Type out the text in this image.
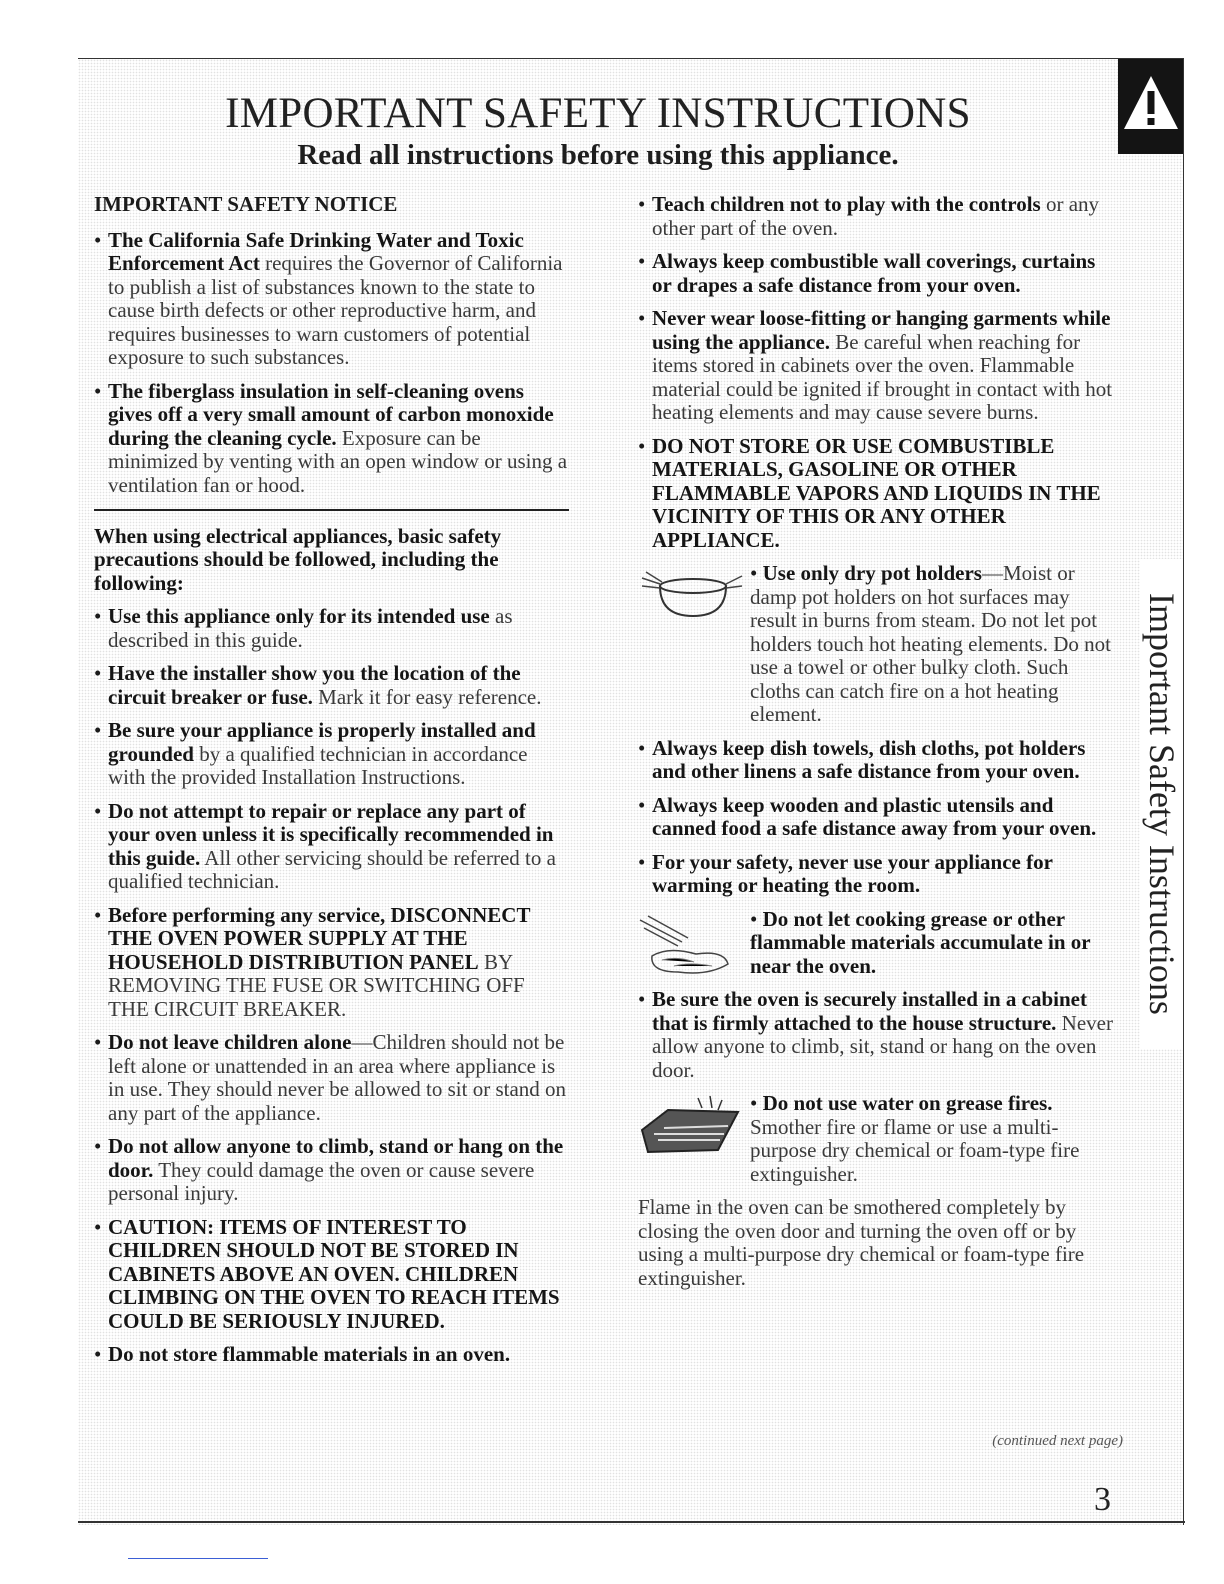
IMPORTANT SAFETY INSTRUCTIONS
Read all instructions before using this appliance.
Important Safety Instructions

IMPORTANT SAFETY NOTICE

• The California Safe Drinking Water and Toxic Enforcement Act requires the Governor of California to publish a list of substances known to the state to cause birth defects or other reproductive harm, and requires businesses to warn customers of potential exposure to such substances.

• The fiberglass insulation in self-cleaning ovens gives off a very small amount of carbon monoxide during the cleaning cycle. Exposure can be minimized by venting with an open window or using a ventilation fan or hood.

When using electrical appliances, basic safety precautions should be followed, including the following:

• Use this appliance only for its intended use as described in this guide.

• Have the installer show you the location of the circuit breaker or fuse. Mark it for easy reference.

• Be sure your appliance is properly installed and grounded by a qualified technician in accordance with the provided Installation Instructions.

• Do not attempt to repair or replace any part of your oven unless it is specifically recommended in this guide. All other servicing should be referred to a qualified technician.

• Before performing any service, DISCONNECT THE OVEN POWER SUPPLY AT THE HOUSEHOLD DISTRIBUTION PANEL BY REMOVING THE FUSE OR SWITCHING OFF THE CIRCUIT BREAKER.

• Do not leave children alone—Children should not be left alone or unattended in an area where appliance is in use. They should never be allowed to sit or stand on any part of the appliance.

• Do not allow anyone to climb, stand or hang on the door. They could damage the oven or cause severe personal injury.

• CAUTION: ITEMS OF INTEREST TO CHILDREN SHOULD NOT BE STORED IN CABINETS ABOVE AN OVEN. CHILDREN CLIMBING ON THE OVEN TO REACH ITEMS COULD BE SERIOUSLY INJURED.

• Do not store flammable materials in an oven.

• Teach children not to play with the controls or any other part of the oven.

• Always keep combustible wall coverings, curtains or drapes a safe distance from your oven.

• Never wear loose-fitting or hanging garments while using the appliance. Be careful when reaching for items stored in cabinets over the oven. Flammable material could be ignited if brought in contact with hot heating elements and may cause severe burns.

• DO NOT STORE OR USE COMBUSTIBLE MATERIALS, GASOLINE OR OTHER FLAMMABLE VAPORS AND LIQUIDS IN THE VICINITY OF THIS OR ANY OTHER APPLIANCE.

• Use only dry pot holders—Moist or damp pot holders on hot surfaces may result in burns from steam. Do not let pot holders touch hot heating elements. Do not use a towel or other bulky cloth. Such cloths can catch fire on a hot heating element.

• Always keep dish towels, dish cloths, pot holders and other linens a safe distance from your oven.

• Always keep wooden and plastic utensils and canned food a safe distance away from your oven.

• For your safety, never use your appliance for warming or heating the room.

• Do not let cooking grease or other flammable materials accumulate in or near the oven.

• Be sure the oven is securely installed in a cabinet that is firmly attached to the house structure. Never allow anyone to climb, sit, stand or hang on the oven door.

• Do not use water on grease fires. Smother fire or flame or use a multi-purpose dry chemical or foam-type fire extinguisher.

Flame in the oven can be smothered completely by closing the oven door and turning the oven off or by using a multi-purpose dry chemical or foam-type fire extinguisher.

(continued next page)
3
